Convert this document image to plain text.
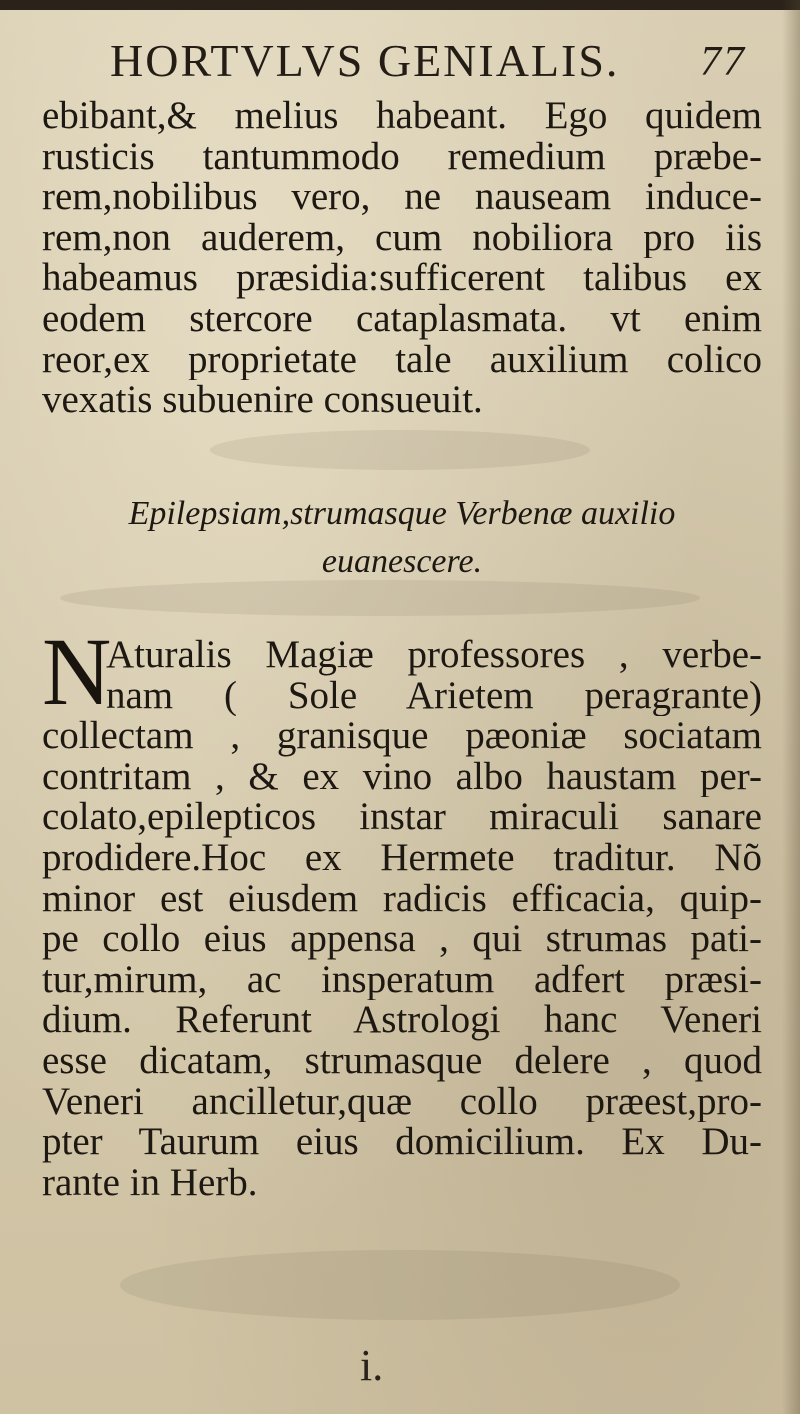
HORTVLVS GENIALIS. 77
ebibant,& melius habeant. Ego quidem
rusticis tantummodo remedium præbe-
rem,nobilibus vero, ne nauseam induce-
rem,non auderem, cum nobiliora pro iis
habeamus præsidia:sufficerent talibus ex
eodem stercore cataplasmata. vt enim
reor,ex proprietate tale auxilium colico
vexatis subuenire consueuit.
Epilepsiam,strumasque Verbenæ auxilio
euanescere.
N
Aturalis Magiæ professores , verbe-
nam ( Sole Arietem peragrante)
collectam , granisque pæoniæ sociatam
contritam , & ex vino albo haustam per-
colato,epilepticos instar miraculi sanare
prodidere.Hoc ex Hermete traditur. Nõ
minor est eiusdem radicis efficacia, quip-
pe collo eius appensa , qui strumas pati-
tur,mirum, ac insperatum adfert præsi-
dium. Referunt Astrologi hanc Veneri
esse dicatam, strumasque delere , quod
Veneri ancilletur,quæ collo præest,pro-
pter Taurum eius domicilium. Ex Du-
rante in Herb.
i.
